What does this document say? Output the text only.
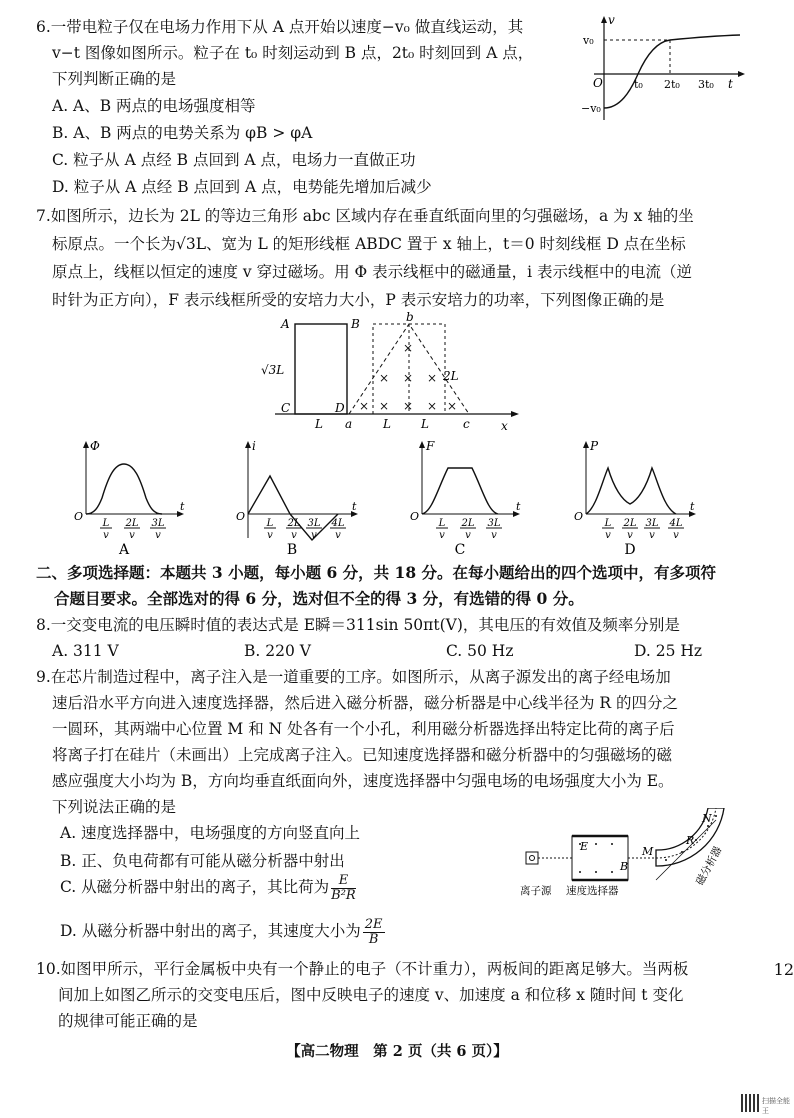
6.一带电粒子仅在电场力作用下从 A 点开始以速度−v₀ 做直线运动，其
v−t 图像如图所示。粒子在 t₀ 时刻运动到 B 点，2t₀ 时刻回到 A 点，
下列判断正确的是
A. A、B 两点的电场强度相等
B. A、B 两点的电势关系为 φB > φA
C. 粒子从 A 点经 B 点回到 A 点，电场力一直做正功
D. 粒子从 A 点经 B 点回到 A 点，电势能先增加后减少
v
v₀
−v₀
O	t₀ 2t₀ 3t₀ t
7.如图所示，边长为 2L 的等边三角形 abc 区域内存在垂直纸面向里的匀强磁场，a 为 x 轴的坐
标原点。一个长为√3L、宽为 L 的矩形线框 ABDC 置于 x 轴上，t＝0 时刻线框 D 点在坐标
原点上，线框以恒定的速度 v 穿过磁场。用 Φ 表示线框中的磁通量，i 表示线框中的电流（逆
时针为正方向），F 表示线框所受的安培力大小，P 表示安培力的功率，下列图像正确的是
A	B
C	D
b
a	c	x
√3L
L	L	L
2L
×
×
×
×	×
× ×	× ×
Φ
O
t
L
v
2L
v
3L
v
A
i
O
t
L
v
2L
v
3L
v
4L
v
B
F
O
t
L
v
2L
v
3L
v
C
P
O
t
L
v
2L
v
3L
v
4L
v
D
二、多项选择题：本题共 3 小题，每小题 6 分，共 18 分。在每小题给出的四个选项中，有多项符
合题目要求。全部选对的得 6 分，选对但不全的得 3 分，有选错的得 0 分。
8.一交变电流的电压瞬时值的表达式是 E瞬＝311sin 50πt(V)，其电压的有效值及频率分别是
A. 311 V	B. 220 V	C. 50 Hz	D. 25 Hz
9.在芯片制造过程中，离子注入是一道重要的工序。如图所示，从离子源发出的离子经电场加
速后沿水平方向进入速度选择器，然后进入磁分析器，磁分析器是中心线半径为 R 的四分之
一圆环，其两端中心位置 M 和 N 处各有一个小孔，利用磁分析器选择出特定比荷的离子后
将离子打在硅片（未画出）上完成离子注入。已知速度选择器和磁分析器中的匀强磁场的磁
感应强度大小均为 B，方向均垂直纸面向外，速度选择器中匀强电场的电场强度大小为 E。
下列说法正确的是
A. 速度选择器中，电场强度的方向竖直向上
B. 正、负电荷都有可能从磁分析器中射出
C. 从磁分析器中射出的离子，其比荷为 $\frac{E}{\text{B²R}}$
D. 从磁分析器中射出的离子，其速度大小为 $\frac{2E}{B}$
M
N
R
E
B
离子源 速度选择器
磁分析器
10.如图甲所示，平行金属板中央有一个静止的电子（不计重力），两板间的距离足够大。当两板
间加上如图乙所示的交变电压后，图中反映电子的速度 v、加速度 a 和位移 x 随时间 t 变化
的规律可能正确的是
12
【高二物理　第 2 页（共 6 页）】
扫描全能王
